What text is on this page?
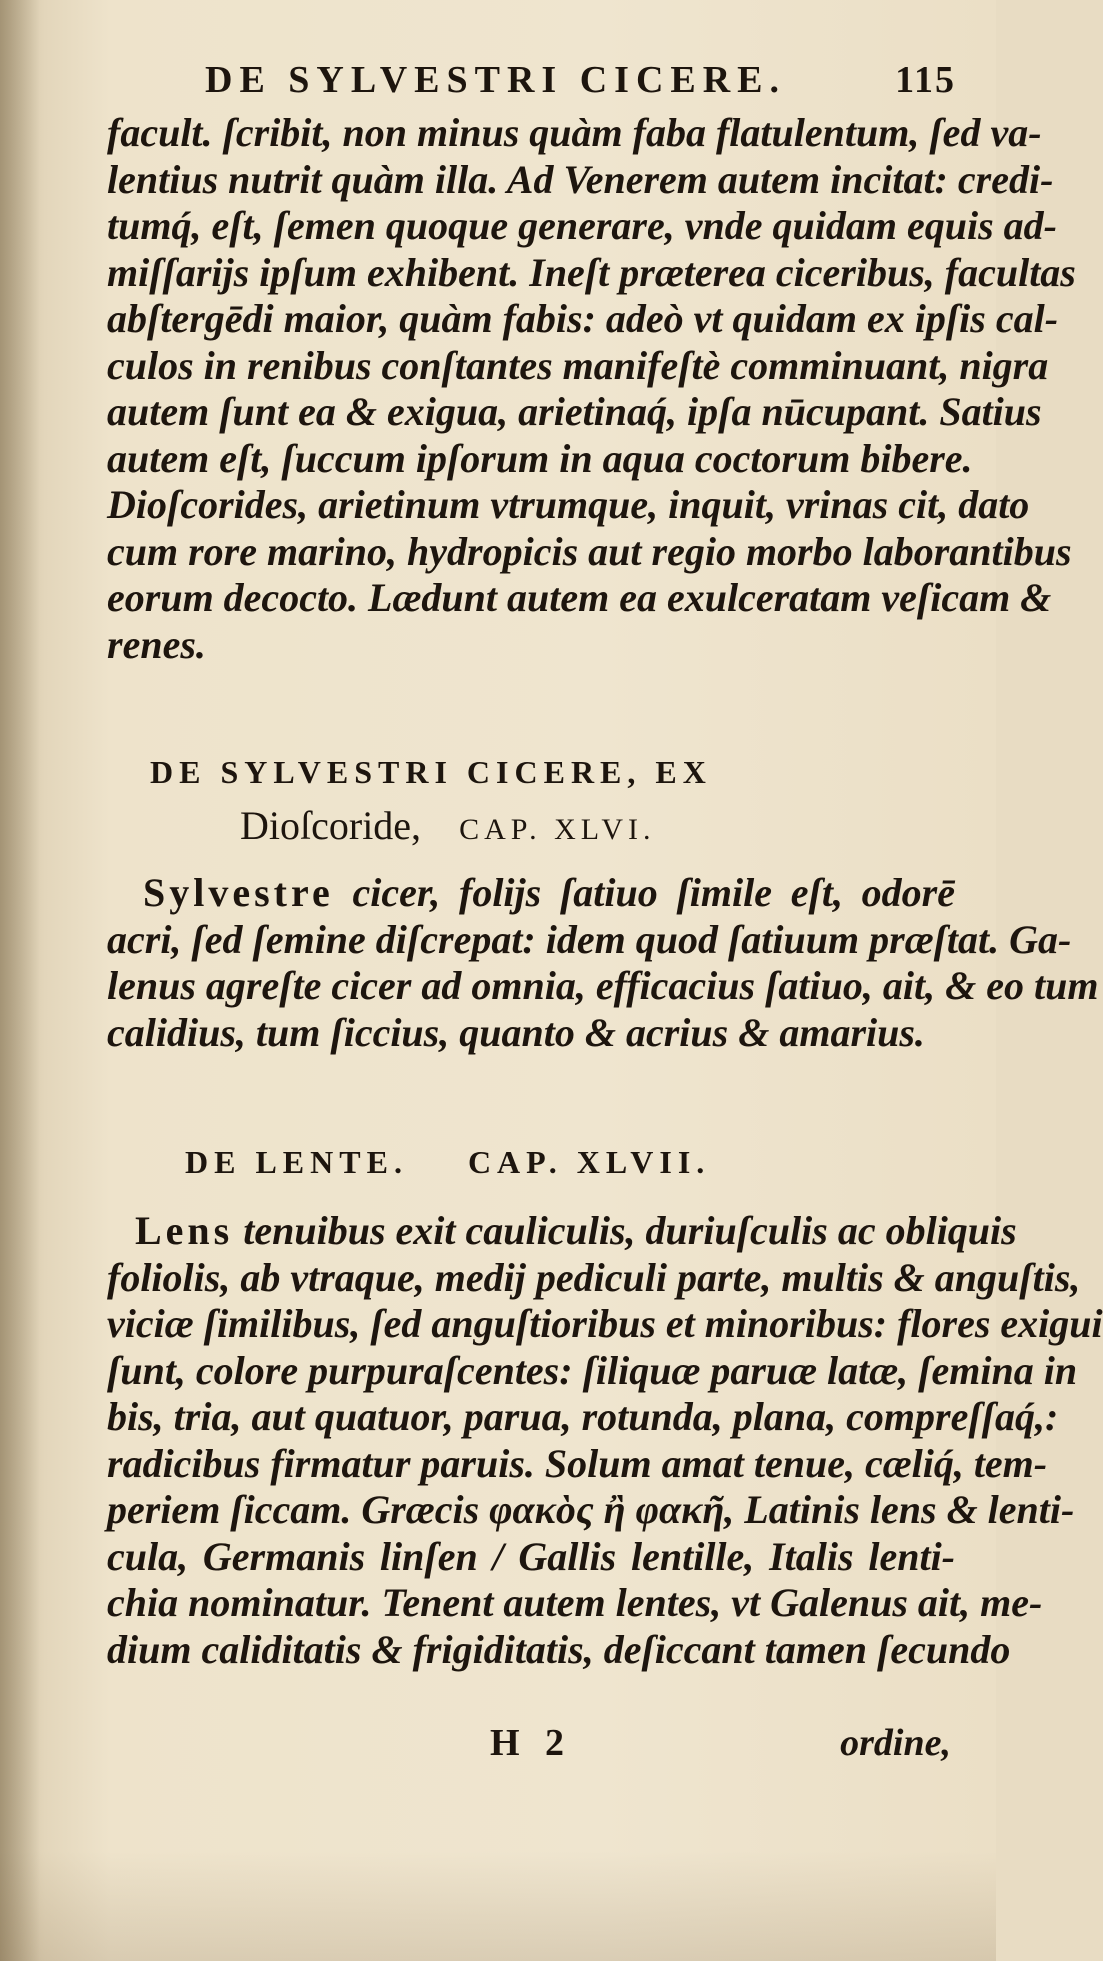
DE SYLVESTRI CICERE.	115
facult. ſcribit, non minus quàm faba flatulentum, ſed va-
lentius nutrit quàm illa. Ad Venerem autem incitat: credi-
tumq́, eſt, ſemen quoque generare, vnde quidam equis ad-
miſſarijs ipſum exhibent. Ineſt præterea ciceribus, facultas
abſtergēdi maior, quàm fabis: adeò vt quidam ex ipſis cal-
culos in renibus conſtantes manifeſtè comminuant, nigra
autem ſunt ea & exigua, arietinaq́, ipſa nūcupant. Satius
autem eſt, ſuccum ipſorum in aqua coctorum bibere.
Dioſcorides, arietinum vtrumque, inquit, vrinas cit, dato
cum rore marino, hydropicis aut regio morbo laborantibus
eorum decocto. Lædunt autem ea exulceratam veſicam &
renes.
DE SYLVESTRI CICERE, EX
Dioſcoride, CAP. XLVI.
Sylvestre cicer, folijs ſatiuo ſimile eſt, odorē
acri, ſed ſemine diſcrepat: idem quod ſatiuum præſtat. Ga-
lenus agreſte cicer ad omnia, efficacius ſatiuo, ait, & eo tum
calidius, tum ſiccius, quanto & acrius & amarius.
DE LENTE. CAP. XLVII.
Lens tenuibus exit cauliculis, duriuſculis ac obliquis
foliolis, ab vtraque, medij pediculi parte, multis & anguſtis,
viciæ ſimilibus, ſed anguſtioribus et minoribus: flores exigui
ſunt, colore purpuraſcentes: ſiliquæ paruæ latæ, ſemina in
bis, tria, aut quatuor, parua, rotunda, plana, compreſſaq́,:
radicibus firmatur paruis. Solum amat tenue, cæliq́, tem-
periem ſiccam. Græcis φακὸς ἢ φακῆ, Latinis lens & lenti-
cula, Germanis linſen / Gallis lentille, Italis lenti-
chia nominatur. Tenent autem lentes, vt Galenus ait, me-
dium caliditatis & frigiditatis, deſiccant tamen ſecundo
H 2	ordine,
